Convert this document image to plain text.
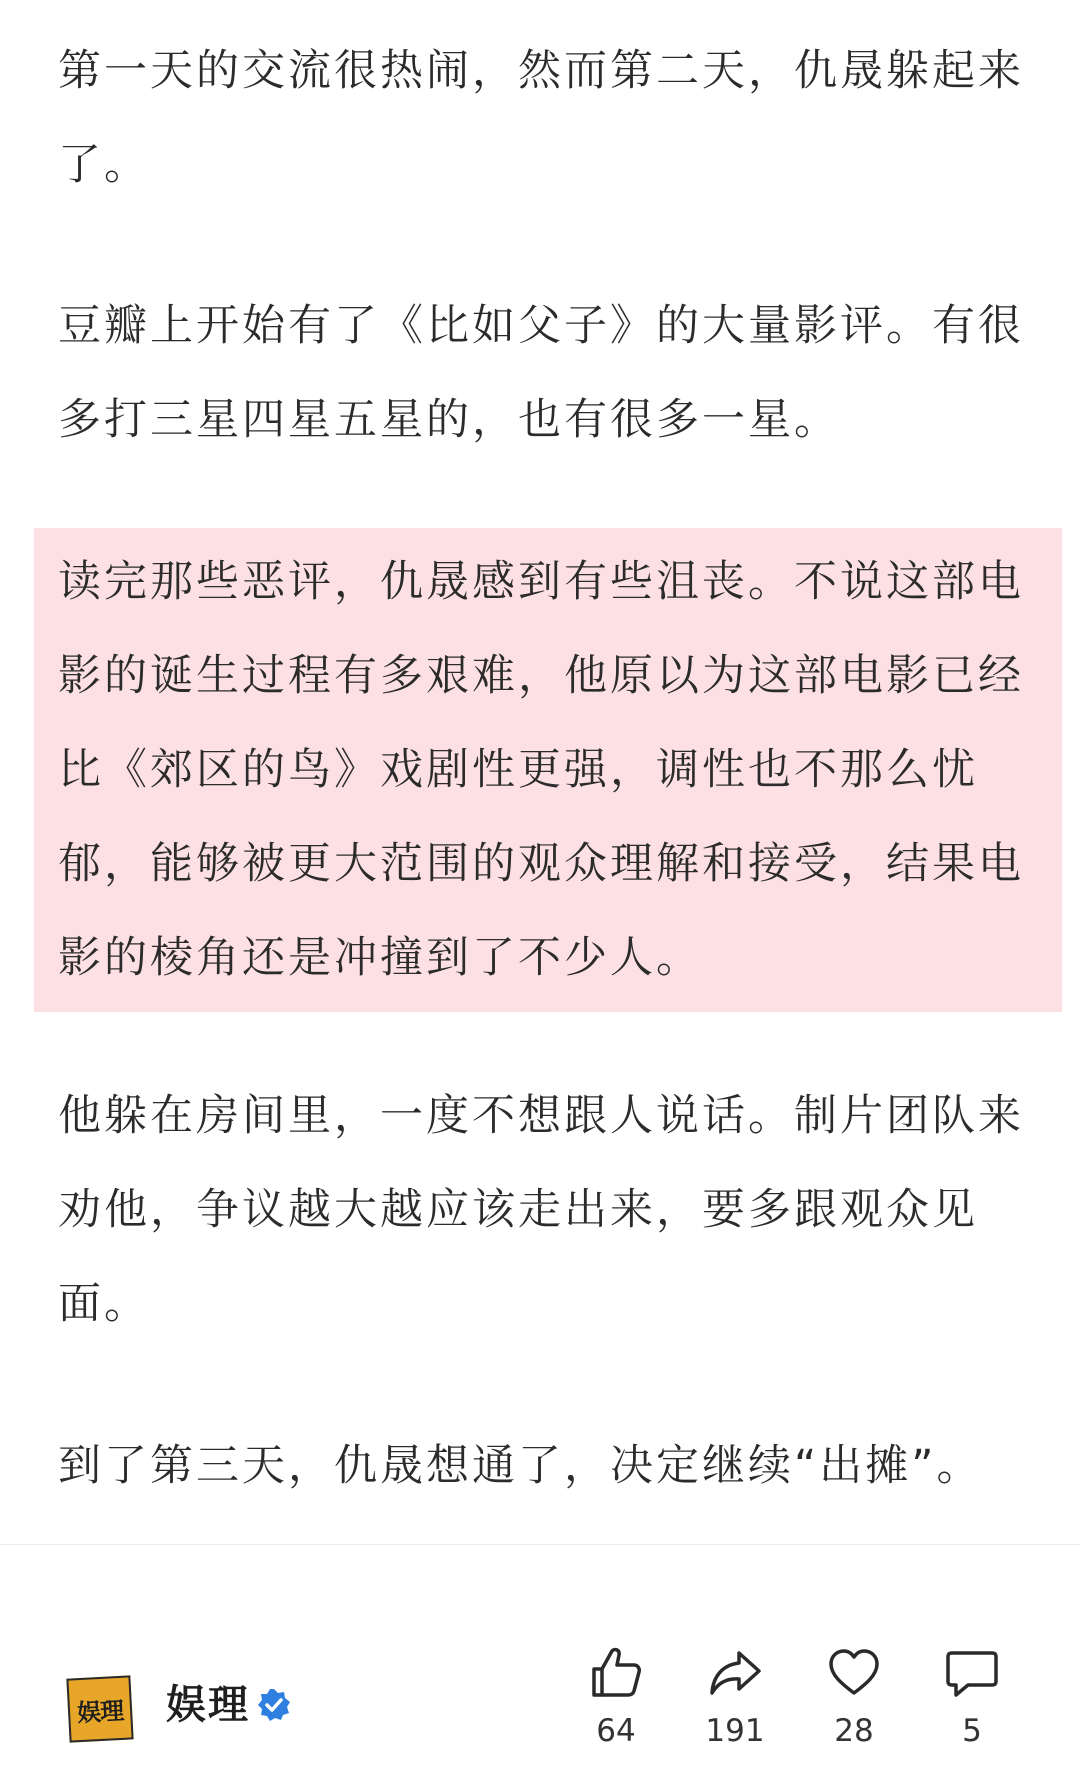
第一天的交流很热闹，然而第二天，仇晟躲起来了。

豆瓣上开始有了《比如父子》的大量影评。有很多打三星四星五星的，也有很多一星。

读完那些恶评，仇晟感到有些沮丧。不说这部电影的诞生过程有多艰难，他原以为这部电影已经比《郊区的鸟》戏剧性更强，调性也不那么忧郁，能够被更大范围的观众理解和接受，结果电影的棱角还是冲撞到了不少人。

他躲在房间里，一度不想跟人说话。制片团队来劝他，争议越大越应该走出来，要多跟观众见面。

到了第三天，仇晟想通了，决定继续“出摊”。

娱理 娱理
64	191	28	5
